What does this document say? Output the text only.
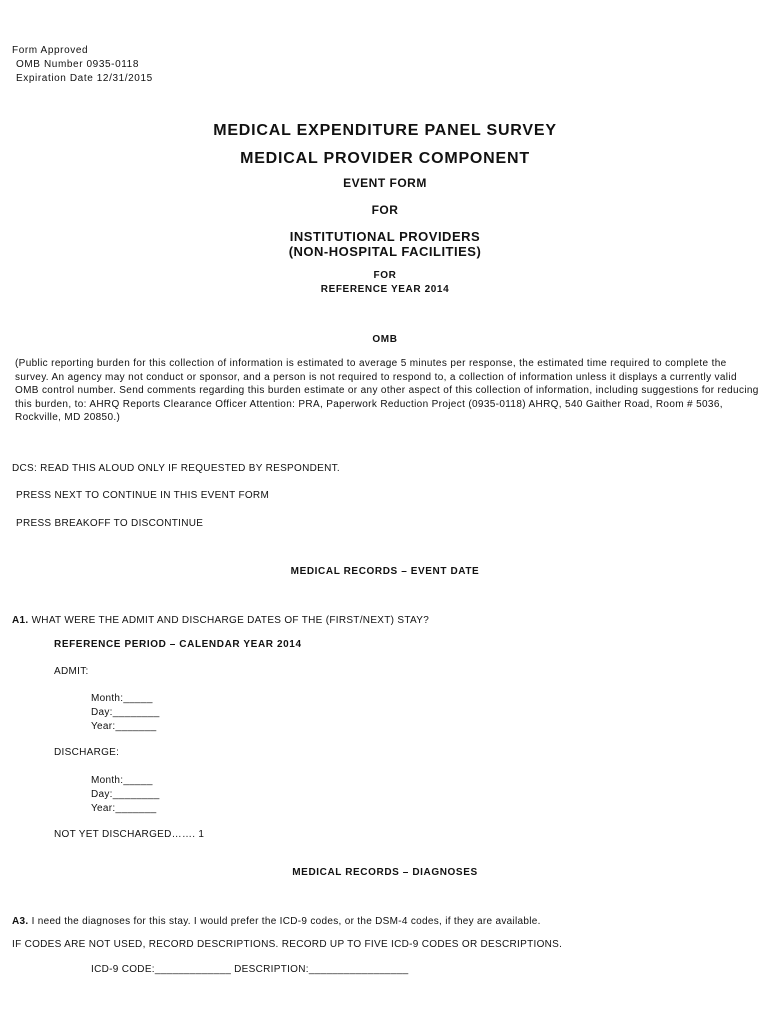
Form Approved
OMB Number 0935-0118
Expiration Date 12/31/2015
MEDICAL EXPENDITURE PANEL SURVEY
MEDICAL PROVIDER COMPONENT
EVENT FORM
FOR
INSTITUTIONAL PROVIDERS
(NON-HOSPITAL FACILITIES)
FOR
REFERENCE YEAR 2014
OMB
(Public reporting burden for this collection of information is estimated to average 5 minutes per response, the estimated time required to complete the survey. An agency may not conduct or sponsor, and a person is not required to respond to, a collection of information unless it displays a currently valid OMB control number. Send comments regarding this burden estimate or any other aspect of this collection of information, including suggestions for reducing this burden, to: AHRQ Reports Clearance Officer Attention: PRA, Paperwork Reduction Project (0935-0118) AHRQ, 540 Gaither Road, Room # 5036, Rockville, MD 20850.)
DCS: READ THIS ALOUD ONLY IF REQUESTED BY RESPONDENT.
PRESS NEXT TO CONTINUE IN THIS EVENT FORM
PRESS BREAKOFF TO DISCONTINUE
MEDICAL RECORDS – EVENT DATE
A1. WHAT WERE THE ADMIT AND DISCHARGE DATES OF THE (FIRST/NEXT) STAY?
REFERENCE PERIOD – CALENDAR YEAR 2014
ADMIT:
Month:_____
Day:________
Year:_______
DISCHARGE:
Month:_____
Day:________
Year:_______
NOT YET DISCHARGED……. 1
MEDICAL RECORDS – DIAGNOSES
A3. I need the diagnoses for this stay. I would prefer the ICD-9 codes, or the DSM-4 codes, if they are available.
IF CODES ARE NOT USED, RECORD DESCRIPTIONS. RECORD UP TO FIVE ICD-9 CODES OR DESCRIPTIONS.
ICD-9 CODE:_____________ DESCRIPTION:_________________
